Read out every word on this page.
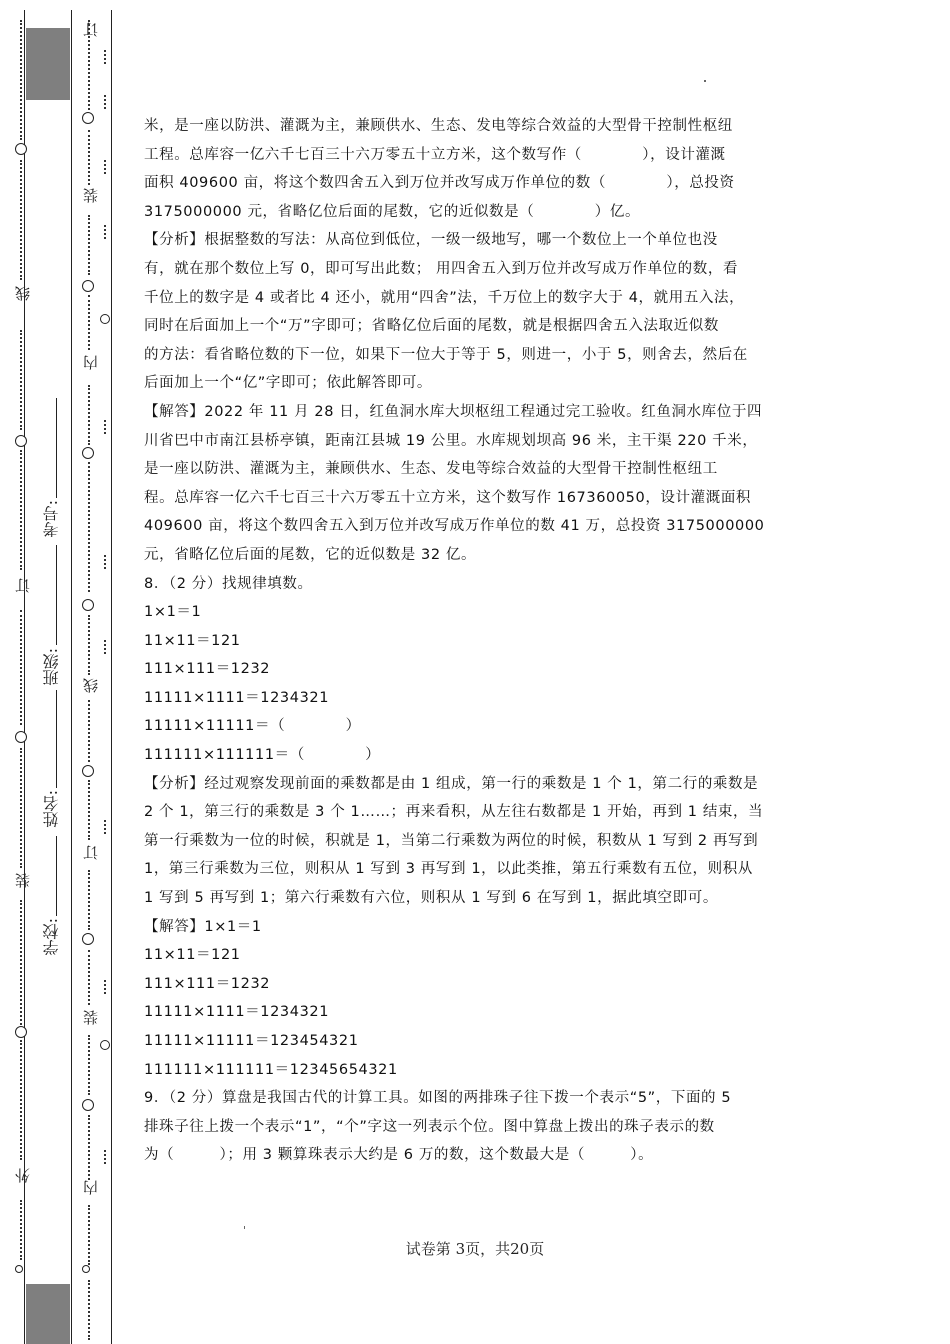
线
订
装
外
考号:
班级:
姓名:
学校:
订
装
内
线
订
装
内

米，是一座以防洪、灌溉为主，兼顾供水、生态、发电等综合效益的大型骨干控制性枢纽

工程。总库容一亿六千七百三十六万零五十立方米，这个数写作（　　　　），设计灌溉

面积 409600 亩，将这个数四舍五入到万位并改写成万作单位的数（　　　　），总投资

3175000000 元，省略亿位后面的尾数，它的近似数是（　　　　）亿。

【分析】根据整数的写法：从高位到低位，一级一级地写，哪一个数位上一个单位也没

有，就在那个数位上写 0，即可写出此数； 用四舍五入到万位并改写成万作单位的数，看

千位上的数字是 4 或者比 4 还小，就用“四舍”法，千万位上的数字大于 4，就用五入法，

同时在后面加上一个“万”字即可；省略亿位后面的尾数，就是根据四舍五入法取近似数

的方法：看省略位数的下一位，如果下一位大于等于 5，则进一，小于 5，则舍去，然后在

后面加上一个“亿”字即可；依此解答即可。

【解答】2022 年 11 月 28 日，红鱼洞水库大坝枢纽工程通过完工验收。红鱼洞水库位于四

川省巴中市南江县桥亭镇，距南江县城 19 公里。水库规划坝高 96 米，主干渠 220 千米，

是一座以防洪、灌溉为主，兼顾供水、生态、发电等综合效益的大型骨干控制性枢纽工

程。总库容一亿六千七百三十六万零五十立方米，这个数写作 167360050，设计灌溉面积

409600 亩，将这个数四舍五入到万位并改写成万作单位的数 41 万，总投资 3175000000

元，省略亿位后面的尾数，它的近似数是 32 亿。

8．（2 分）找规律填数。

1×1＝1

11×11＝121

111×111＝1232

11111×1111＝1234321

11111×11111＝（　　　　）

111111×111111＝（　　　　）

【分析】经过观察发现前面的乘数都是由 1 组成，第一行的乘数是 1 个 1，第二行的乘数是

2 个 1，第三行的乘数是 3 个 1……；再来看积，从左往右数都是 1 开始，再到 1 结束，当

第一行乘数为一位的时候，积就是 1，当第二行乘数为两位的时候，积数从 1 写到 2 再写到

1，第三行乘数为三位，则积从 1 写到 3 再写到 1，以此类推，第五行乘数有五位，则积从

1 写到 5 再写到 1；第六行乘数有六位，则积从 1 写到 6 在写到 1，据此填空即可。

【解答】1×1＝1

11×11＝121

111×111＝1232

11111×1111＝1234321

11111×11111＝123454321

111111×111111＝12345654321

9．（2 分）算盘是我国古代的计算工具。如图的两排珠子往下拨一个表示“5”，下面的 5

排珠子往上拨一个表示“1”，“个”字这一列表示个位。图中算盘上拨出的珠子表示的数

为（　　　）；用 3 颗算珠表示大约是 6 万的数，这个数最大是（　　　）。

试卷第 3页，共20页
